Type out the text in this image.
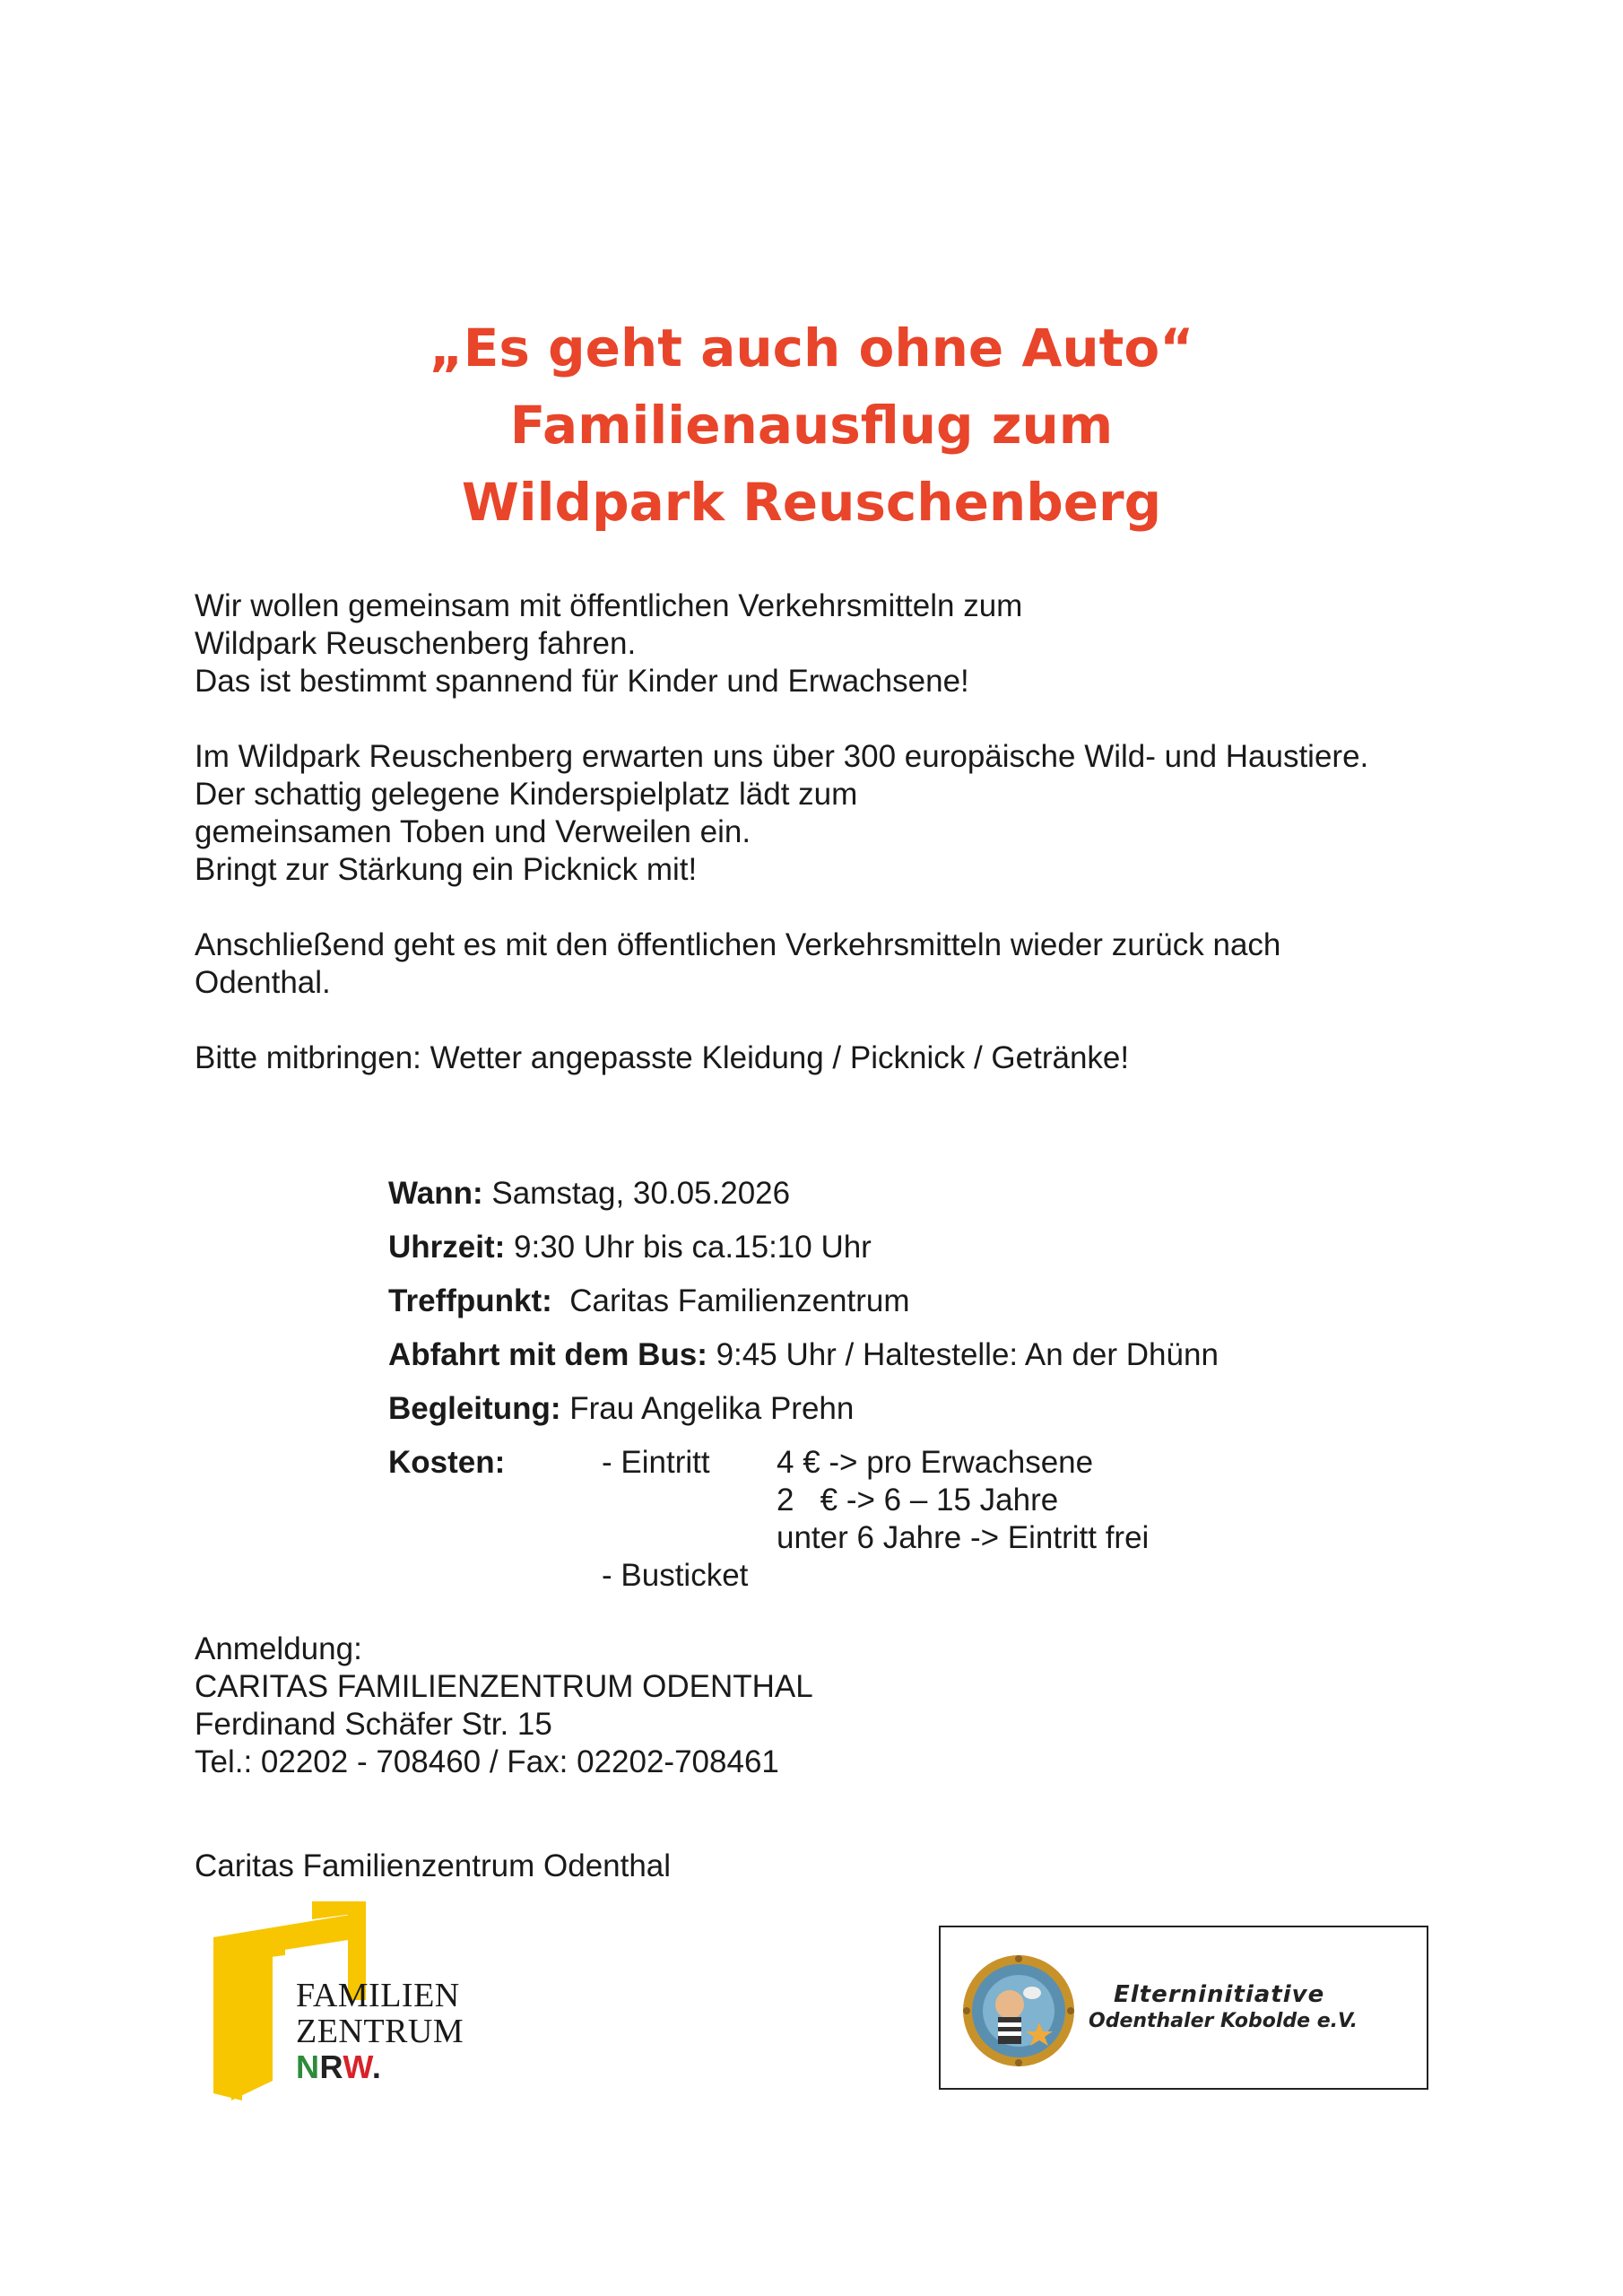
„Es geht auch ohne Auto“
Familienausflug zum
Wildpark Reuschenberg

Wir wollen gemeinsam mit öffentlichen Verkehrsmitteln zum
Wildpark Reuschenberg fahren.
Das ist bestimmt spannend für Kinder und Erwachsene!

Im Wildpark Reuschenberg erwarten uns über 300 europäische Wild- und Haustiere.
Der schattig gelegene Kinderspielplatz lädt zum
gemeinsamen Toben und Verweilen ein.
Bringt zur Stärkung ein Picknick mit!

Anschließend geht es mit den öffentlichen Verkehrsmitteln wieder zurück nach
Odenthal.

Bitte mitbringen: Wetter angepasste Kleidung / Picknick / Getränke!

Wann: Samstag, 30.05.2026
Uhrzeit: 9:30 Uhr bis ca.15:10 Uhr
Treffpunkt: Caritas Familienzentrum
Abfahrt mit dem Bus: 9:45 Uhr / Haltestelle: An der Dhünn
Begleitung: Frau Angelika Prehn
Kosten:	- Eintritt 4 € -> pro Erwachsene
2   € -> 6 – 15 Jahre
unter 6 Jahre -> Eintritt frei
- Busticket
Anmeldung:
CARITAS FAMILIENZENTRUM ODENTHAL
Ferdinand Schäfer Str. 15
Tel.: 02202 - 708460 / Fax: 02202-708461
Caritas Familienzentrum Odenthal
FAMILIEN
ZENTRUM
NRW.
Elterninitiative
Odenthaler Kobolde e.V.
